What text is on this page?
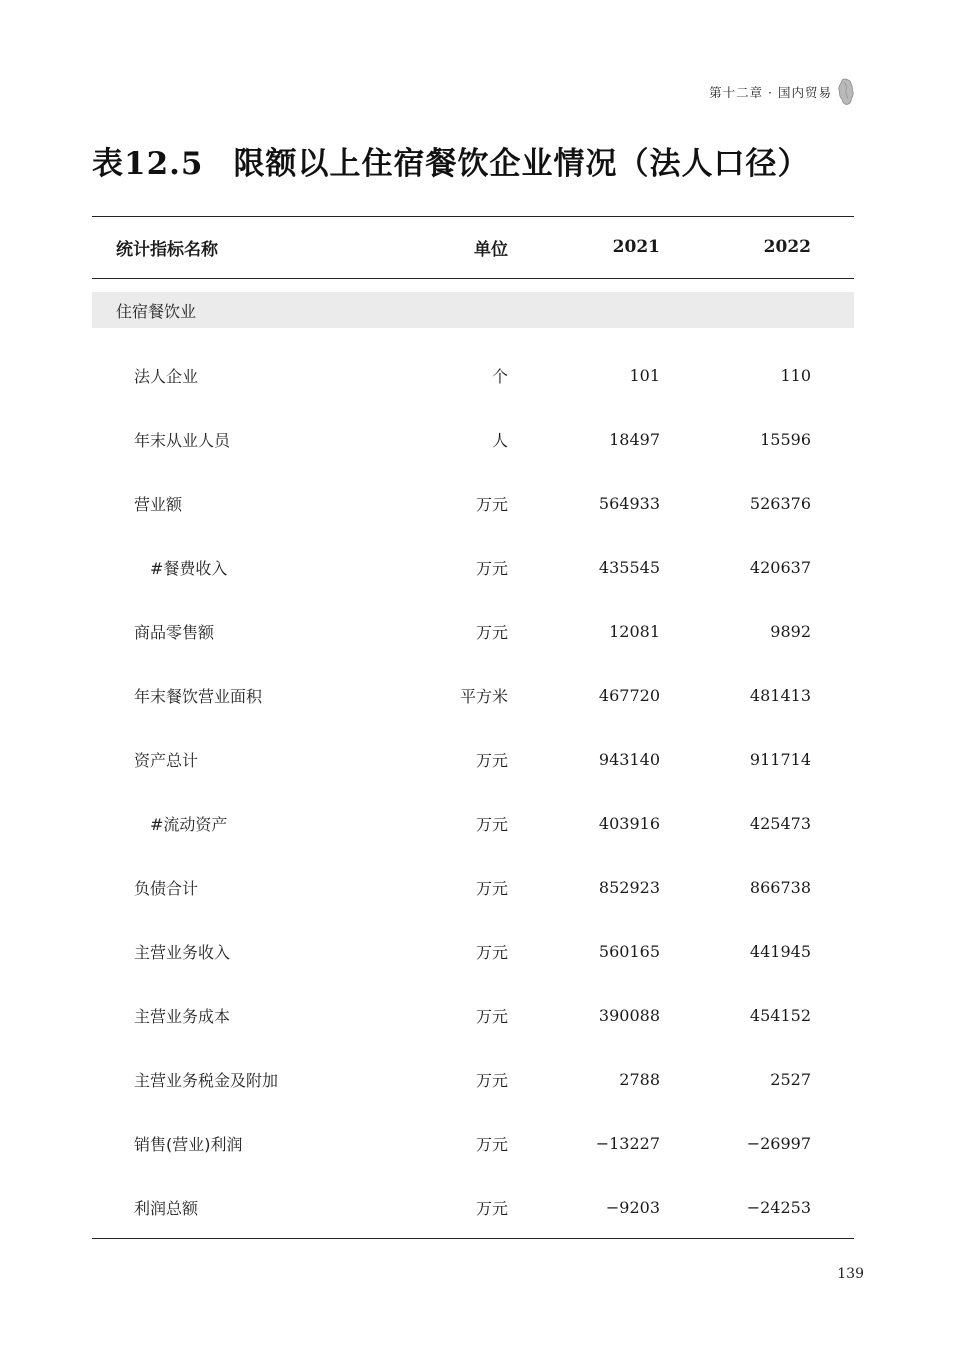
第十二章 · 国内贸易
表12.5 限额以上住宿餐饮企业情况（法人口径）
统计指标名称	单位	2021	2022
住宿餐饮业
法人企业	个	101	110
年末从业人员	人	18497	15596
营业额	万元	564933	526376
#餐费收入	万元	435545	420637
商品零售额	万元	12081	9892
年末餐饮营业面积	平方米	467720	481413
资产总计	万元	943140	911714
#流动资产	万元	403916	425473
负债合计	万元	852923	866738
主营业务收入	万元	560165	441945
主营业务成本	万元	390088	454152
主营业务税金及附加	万元	2788	2527
销售(营业)利润	万元	−13227	−26997
利润总额	万元	−9203	−24253
139
